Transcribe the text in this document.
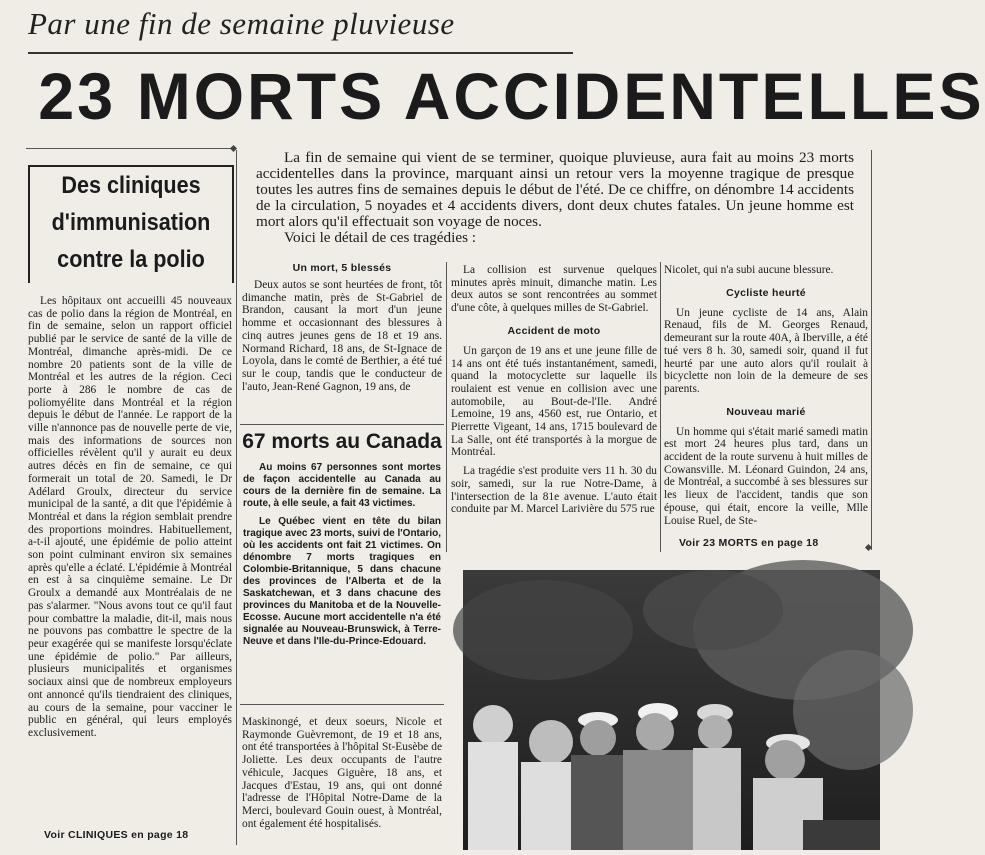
Par une fin de semaine pluvieuse
23 MORTS ACCIDENTELLES
La fin de semaine qui vient de se terminer, quoique pluvieuse, aura fait au moins 23 morts accidentelles dans la province, marquant ainsi un retour vers la moyenne tragique de presque toutes les autres fins de semaines depuis le début de l'été. De ce chiffre, on dénombre 14 accidents de la circulation, 5 noyades et 4 accidents divers, dont deux chutes fatales. Un jeune homme est mort alors qu'il effectuait son voyage de noces.
Voici le détail de ces tragédies :
Des cliniques
d'immunisation
contre la polio
Les hôpitaux ont accueilli 45 nouveaux cas de polio dans la région de Montréal, en fin de semaine, selon un rapport officiel publié par le service de santé de la ville de Montréal, dimanche après-midi. De ce nombre 20 patients sont de la ville de Montréal et les autres de la région. Ceci porte à 286 le nombre de cas de poliomyélite dans Montréal et la région depuis le début de l'année. Le rapport de la ville n'annonce pas de nouvelle perte de vie, mais des informations de sources non officielles révèlent qu'il y aurait eu deux autres décès en fin de semaine, ce qui formerait un total de 20. Samedi, le Dr Adélard Groulx, directeur du service municipal de la santé, a dit que l'épidémie à Montréal et dans la région semblait prendre des proportions moindres. Habituellement, a-t-il ajouté, une épidémie de polio atteint son point culminant environ six semaines après qu'elle a éclaté. L'épidémie à Montréal en est à sa cinquième semaine. Le Dr Groulx a demandé aux Montréalais de ne pas s'alarmer. "Nous avons tout ce qu'il faut pour combattre la maladie, dit-il, mais nous ne pouvons pas combattre le spectre de la peur exagérée qui se manifeste lorsqu'éclate une épidémie de polio." Par ailleurs, plusieurs municipalités et organismes sociaux ainsi que de nombreux employeurs ont annoncé qu'ils tiendraient des cliniques, au cours de la semaine, pour vacciner le public en général, qui leurs employés exclusivement.
Voir CLINIQUES en page 18
Un mort, 5 blessés
Deux autos se sont heurtées de front, tôt dimanche matin, près de St-Gabriel de Brandon, causant la mort d'un jeune homme et occasionnant des blessures à cinq autres jeunes gens de 18 et 19 ans. Normand Richard, 18 ans, de St-Ignace de Loyola, dans le comté de Berthier, a été tué sur le coup, tandis que le conducteur de l'auto, Jean-René Gagnon, 19 ans, de
67 morts au Canada
Au moins 67 personnes sont mortes de façon accidentelle au Canada au cours de la dernière fin de semaine. La route, à elle seule, a fait 43 victimes.
Le Québec vient en tête du bilan tragique avec 23 morts, suivi de l'Ontario, où les accidents ont fait 21 victimes. On dénombre 7 morts tragiques en Colombie-Britannique, 5 dans chacune des provinces de l'Alberta et de la Saskatchewan, et 3 dans chacune des provinces du Manitoba et de la Nouvelle-Ecosse. Aucune mort accidentelle n'a été signalée au Nouveau-Brunswick, à Terre-Neuve et dans l'Ile-du-Prince-Edouard.
Maskinongé, et deux soeurs, Nicole et Raymonde Guèvremont, de 19 et 18 ans, ont été transportées à l'hôpital St-Eusèbe de Joliette. Les deux occupants de l'autre véhicule, Jacques Giguère, 18 ans, et Jacques d'Estau, 19 ans, qui ont donné l'adresse de l'Hôpital Notre-Dame de la Merci, boulevard Gouin ouest, à Montréal, ont également été hospitalisés.
La collision est survenue quelques minutes après minuit, dimanche matin. Les deux autos se sont rencontrées au sommet d'une côte, à quelques milles de St-Gabriel.
Accident de moto
Un garçon de 19 ans et une jeune fille de 14 ans ont été tués instantanément, samedi, quand la motocyclette sur laquelle ils roulaient est venue en collision avec une automobile, au Bout-de-l'Ile. André Lemoine, 19 ans, 4560 est, rue Ontario, et Pierrette Vigeant, 14 ans, 1715 boulevard de La Salle, ont été transportés à la morgue de Montréal.
La tragédie s'est produite vers 11 h. 30 du soir, samedi, sur la rue Notre-Dame, à l'intersection de la 81e avenue. L'auto était conduite par M. Marcel Larivière du 575 rue
Nicolet, qui n'a subi aucune blessure.
Cycliste heurté
Un jeune cycliste de 14 ans, Alain Renaud, fils de M. Georges Renaud, demeurant sur la route 40A, à Iberville, a été tué vers 8 h. 30, samedi soir, quand il fut heurté par une auto alors qu'il roulait à bicyclette non loin de la demeure de ses parents.
Nouveau marié
Un homme qui s'était marié samedi matin est mort 24 heures plus tard, dans un accident de la route survenu à huit milles de Cowansville. M. Léonard Guindon, 24 ans, de Montréal, a succombé à ses blessures sur les lieux de l'accident, tandis que son épouse, qui était, encore la veille, Mlle Louise Ruel, de Ste-
Voir 23 MORTS en page 18
